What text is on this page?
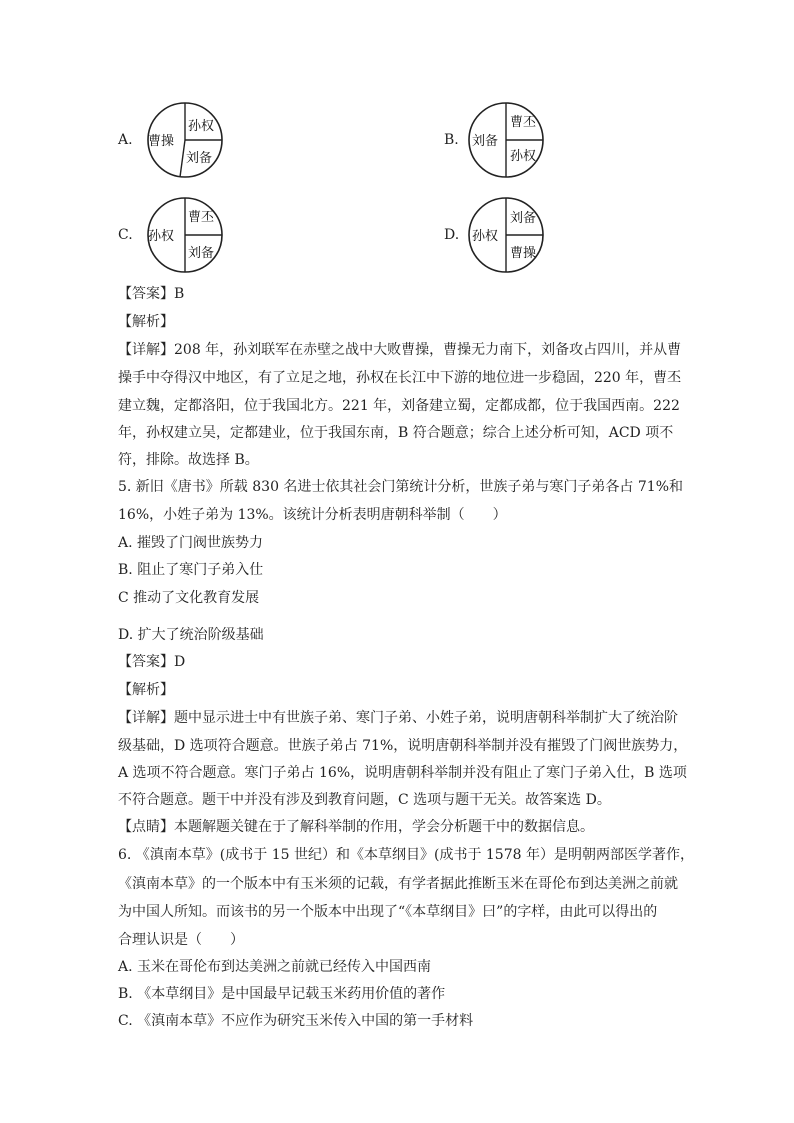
A.
孙权
曹操
刘备
B.
曹丕
刘备
孙权
C.
曹丕
孙权
刘备
D.
刘备
孙权
曹操
【答案】B
【解析】
【详解】208 年，孙刘联军在赤壁之战中大败曹操，曹操无力南下，刘备攻占四川，并从曹
操手中夺得汉中地区，有了立足之地，孙权在长江中下游的地位进一步稳固，220 年，曹丕
建立魏，定都洛阳，位于我国北方。221 年，刘备建立蜀，定都成都，位于我国西南。222
年，孙权建立吴，定都建业，位于我国东南，B 符合题意；综合上述分析可知，ACD 项不
符，排除。故选择 B。
5. 新旧《唐书》所载 830 名进士依其社会门第统计分析，世族子弟与寒门子弟各占 71%和
16%，小姓子弟为 13%。该统计分析表明唐朝科举制（　　）
A. 摧毁了门阀世族势力
B. 阻止了寒门子弟入仕
C 推动了文化教育发展
D. 扩大了统治阶级基础
【答案】D
【解析】
【详解】题中显示进士中有世族子弟、寒门子弟、小姓子弟，说明唐朝科举制扩大了统治阶
级基础，D 选项符合题意。世族子弟占 71%，说明唐朝科举制并没有摧毁了门阀世族势力，
A 选项不符合题意。寒门子弟占 16%，说明唐朝科举制并没有阻止了寒门子弟入仕，B 选项
不符合题意。题干中并没有涉及到教育问题，C 选项与题干无关。故答案选 D。
【点睛】本题解题关键在于了解科举制的作用，学会分析题干中的数据信息。
6. 《滇南本草》(成书于 15 世纪）和《本草纲目》(成书于 1578 年）是明朝两部医学著作，
《滇南本草》的一个版本中有玉米须的记载，有学者据此推断玉米在哥伦布到达美洲之前就
为中国人所知。而该书的另一个版本中出现了“《本草纲目》曰”的字样，由此可以得出的
合理认识是（　　）
A. 玉米在哥伦布到达美洲之前就已经传入中国西南
B. 《本草纲目》是中国最早记载玉米药用价值的著作
C. 《滇南本草》不应作为研究玉米传入中国的第一手材料
